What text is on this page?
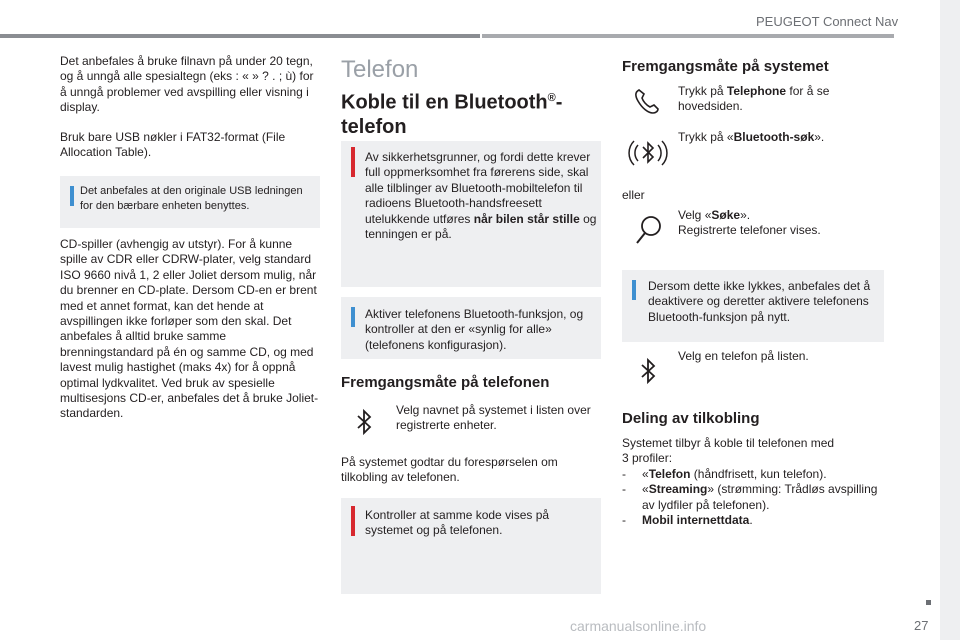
PEUGEOT Connect Nav

Det anbefales å bruke filnavn på under 20 tegn, og å unngå alle spesialtegn (eks : « » ? . ; ù) for å unngå problemer ved avspilling eller visning i display.

Bruk bare USB nøkler i FAT32-format (File Allocation Table).

Det anbefales at den originale USB ledningen for den bærbare enheten benyttes.

CD-spiller (avhengig av utstyr). For å kunne spille av CDR eller CDRW-plater, velg standard ISO 9660 nivå 1, 2 eller Joliet dersom mulig, når du brenner en CD-plate. Dersom CD-en er brent med et annet format, kan det hende at avspillingen ikke forløper som den skal. Det anbefales å alltid bruke samme brenningstandard på én og samme CD, og med lavest mulig hastighet (maks 4x) for å oppnå optimal lydkvalitet. Ved bruk av spesielle multisesjons CD-er, anbefales det å bruke Joliet-standarden.

Telefon
Koble til en Bluetooth®- telefon
Av sikkerhetsgrunner, og fordi dette krever full oppmerksomhet fra førerens side, skal alle tilblinger av Bluetooth-mobiltelefon til radioens Bluetooth-handsfreesett utelukkende utføres når bilen står stille og tenningen er på.
Aktiver telefonens Bluetooth-funksjon, og kontroller at den er «synlig for alle» (telefonens konfigurasjon).
Fremgangsmåte på telefonen

Velg navnet på systemet i listen over registrerte enheter.

På systemet godtar du forespørselen om tilkobling av telefonen.

Kontroller at samme kode vises på systemet og på telefonen.
Fremgangsmåte på systemet

Trykk på Telephone for å se hovedsiden.

Trykk på «Bluetooth-søk».

eller

Velg «Søke».
Registrerte telefoner vises.

Dersom dette ikke lykkes, anbefales det å deaktivere og deretter aktivere telefonens Bluetooth-funksjon på nytt.

Velg en telefon på listen.

Deling av tilkobling

Systemet tilbyr å koble til telefonen med
3 profiler:

- «Telefon (håndfrisett, kun telefon).
- «Streaming» (strømming: Trådløs avspilling av lydfiler på telefonen).
- Mobil internettdata.
carmanualsonline.info	27
